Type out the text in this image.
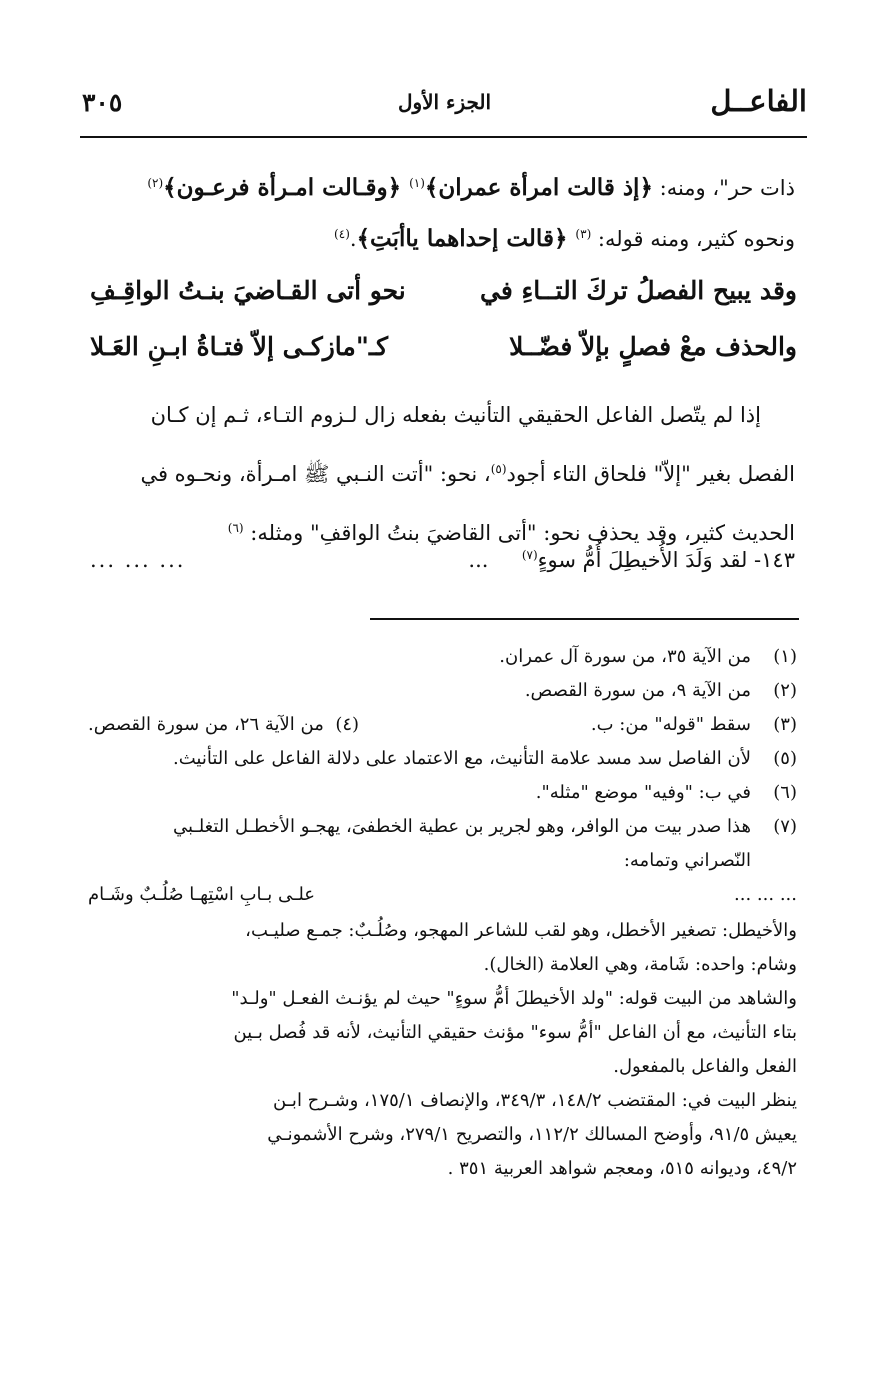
الفاعــل
الجزء الأول
٣٠٥

ذات حر"، ومنه: ﴿إذ قالت امرأة عمران﴾$^{(١)}$ ﴿وقـالت امـرأة فرعـون﴾$^{(٢)}$

ونحوه كثير، ومنه قوله: $^{(٣)}$ ﴿قالت إحداهما ياأبَتِ﴾.$^{(٤)}$

وقد يبيح الفصلُ تركَ التــاءِ في
نحو أتى القـاضيَ بنـتُ الواقِـفِ
والحذف معْ فصلٍ بإلاّ فضّــلا
كـ"مازكـى إلاّ فتـاةُ ابـنِ العَـلا

إذا لم يتّصل الفاعل الحقيقي التأنيث بفعله زال لـزوم التـاء، ثـم إن كـان

الفصل بغير "إلاّ" فلحاق التاء أجود$^{(٥)}$، نحو: "أتت النـبي ﷺ امـرأة، ونحـوه في

الحديث كثير، وقد يحذف نحو: "أتى القاضيَ بنتُ الواقفِ" ومثله: $^{(٦)}$

١٤٣- لقد وَلَدَ الأُخيطِلَ أُمُّ سوءٍ$^{(٧)}$     ...
... ... ...
(١)
من الآية ٣٥، من سورة آل عمران.
(٢)
من الآية ٩، من سورة القصص.
(٣)
سقط "قوله" من: ب.
(٤)  من الآية ٢٦، من سورة القصص.
(٥)
لأن الفاصل سد مسد علامة التأنيث، مع الاعتماد على دلالة الفاعل على التأنيث.
(٦)
في ب: "وفيه" موضع "مثله".
(٧)
هذا صدر بيت من الوافر، وهو لجرير بن عطية الخطفىَ، يهجـو الأخطـل التغلـبي
النّصراني وتمامه:
... ... ...
علـى بـابِ اسْتِهـا صُلُـبٌ وشَـام

والأخيطل: تصغير الأخطل، وهو لقب للشاعر المهجو، وصُلُـبٌ: جمـع صليـب،

وشام: واحده: شَامة، وهي العلامة (الخال).

والشاهد من البيت قوله: "ولد الأخيطلَ أمُّ سوءٍ" حيث لم يؤنـث الفعـل "ولـد"

بتاء التأنيث، مع أن الفاعل "أمُّ سوء" مؤنث حقيقي التأنيث، لأنه قد فُصل بـين

الفعل والفاعل بالمفعول.

ينظر البيت في: المقتضب ١٤٨/٢، ٣٤٩/٣، والإنصاف ١٧٥/١، وشـرح ابـن

يعيش ٩١/٥، وأوضح المسالك ١١٢/٢، والتصريح ٢٧٩/١، وشرح الأشمونـي

٤٩/٢، وديوانه ٥١٥، ومعجم شواهد العربية ٣٥١ .
